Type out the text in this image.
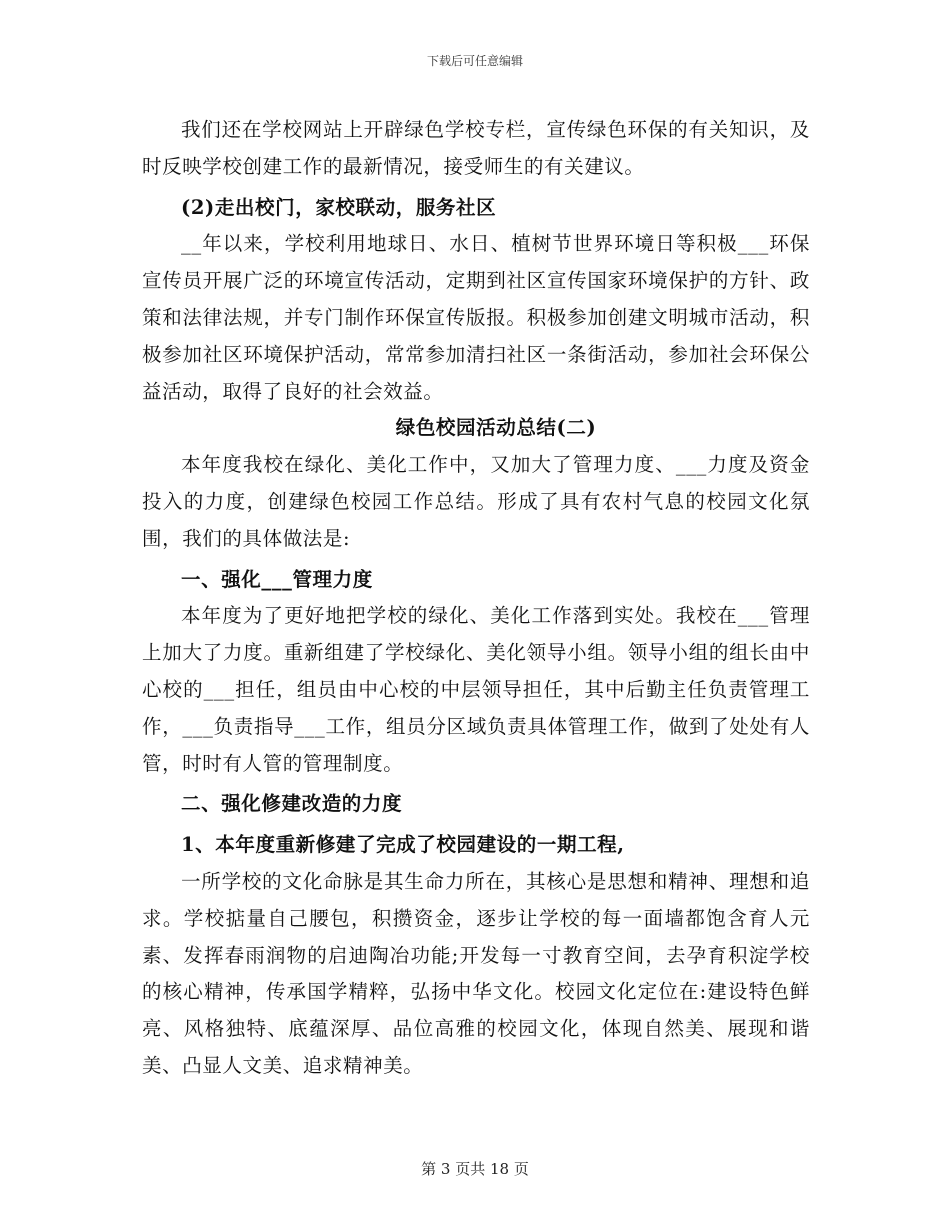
下载后可任意编辑

我们还在学校网站上开辟绿色学校专栏，宣传绿色环保的有关知识，及时反映学校创建工作的最新情况，接受师生的有关建议。

(2)走出校门，家校联动，服务社区

__年以来，学校利用地球日、水日、植树节世界环境日等积极___环保宣传员开展广泛的环境宣传活动，定期到社区宣传国家环境保护的方针、政策和法律法规，并专门制作环保宣传版报。积极参加创建文明城市活动，积极参加社区环境保护活动，常常参加清扫社区一条街活动，参加社会环保公益活动，取得了良好的社会效益。

绿色校园活动总结(二)

本年度我校在绿化、美化工作中，又加大了管理力度、___力度及资金投入的力度，创建绿色校园工作总结。形成了具有农村气息的校园文化氛围，我们的具体做法是:

一、强化___管理力度

本年度为了更好地把学校的绿化、美化工作落到实处。我校在___管理上加大了力度。重新组建了学校绿化、美化领导小组。领导小组的组长由中心校的___担任，组员由中心校的中层领导担任，其中后勤主任负责管理工作，___负责指导___工作，组员分区域负责具体管理工作，做到了处处有人管，时时有人管的管理制度。

二、强化修建改造的力度

1、本年度重新修建了完成了校园建设的一期工程,

一所学校的文化命脉是其生命力所在，其核心是思想和精神、理想和追求。学校掂量自己腰包，积攒资金，逐步让学校的每一面墙都饱含育人元素、发挥春雨润物的启迪陶冶功能;开发每一寸教育空间，去孕育积淀学校的核心精神，传承国学精粹，弘扬中华文化。校园文化定位在:建设特色鲜亮、风格独特、底蕴深厚、品位高雅的校园文化，体现自然美、展现和谐美、凸显人文美、追求精神美。

第 3 页共 18 页
